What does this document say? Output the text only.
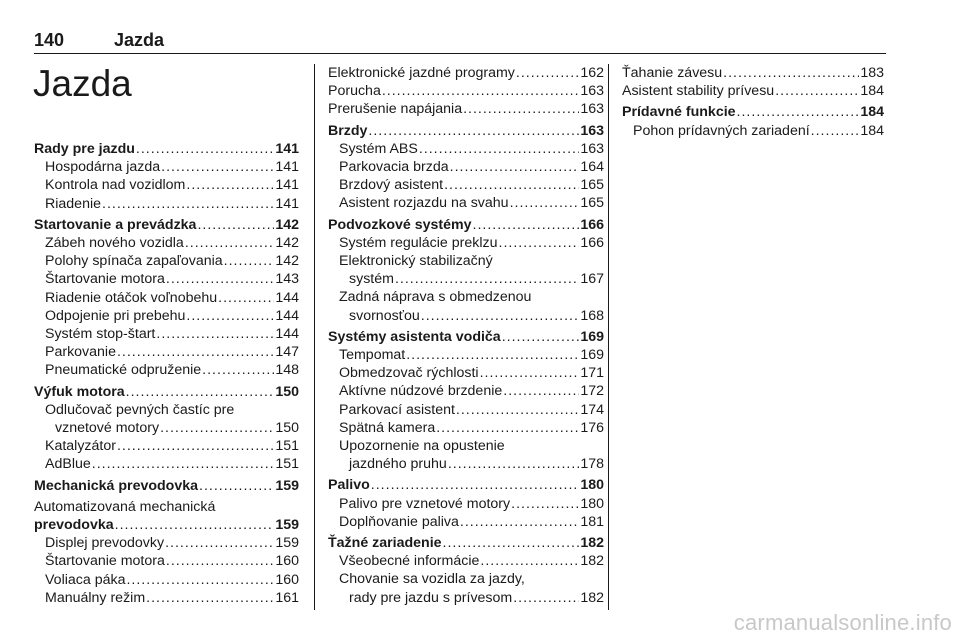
140	Jazda
Jazda
Rady pre jazdu .....	141
Hospodárna jazda .....	141
Kontrola nad vozidlom .....	141
Riadenie .....	141
Startovanie a prevádzka .....	142
Zábeh nového vozidla .....	142
Polohy spínača zapaľovania .....	142
Štartovanie motora .....	143
Riadenie otáčok voľnobehu .....	144
Odpojenie pri prebehu .....	144
Systém stop-štart .....	144
Parkovanie .....	147
Pneumatické odpruženie .....	148
Výfuk motora .....	150
Odlučovač pevných častíc pre
vznetové motory .....	150
Katalyzátor .....	151
AdBlue .....	151
Mechanická prevodovka .....	159
Automatizovaná mechanická
prevodovka .....	159
Displej prevodovky .....	159
Štartovanie motora .....	160
Voliaca páka .....	160
Manuálny režim .....	161
Elektronické jazdné programy .....	162
Porucha .....	163
Prerušenie napájania .....	163
Brzdy .....	163
Systém ABS .....	163
Parkovacia brzda .....	164
Brzdový asistent .....	165
Asistent rozjazdu na svahu .....	165
Podvozkové systémy .....	166
Systém regulácie preklzu .....	166
Elektronický stabilizačný
systém .....	167
Zadná náprava s obmedzenou
svornosťou .....	168
Systémy asistenta vodiča .....	169
Tempomat .....	169
Obmedzovač rýchlosti .....	171
Aktívne núdzové brzdenie .....	172
Parkovací asistent .....	174
Spätná kamera .....	176
Upozornenie na opustenie
jazdného pruhu .....	178
Palivo .....	180
Palivo pre vznetové motory .....	180
Doplňovanie paliva .....	181
Ťažné zariadenie .....	182
Všeobecné informácie .....	182
Chovanie sa vozidla za jazdy,
rady pre jazdu s prívesom .....	182
Ťahanie závesu .....	183
Asistent stability prívesu .....	184
Prídavné funkcie .....	184
Pohon prídavných zariadení .....	184
carmanualsonline.info
